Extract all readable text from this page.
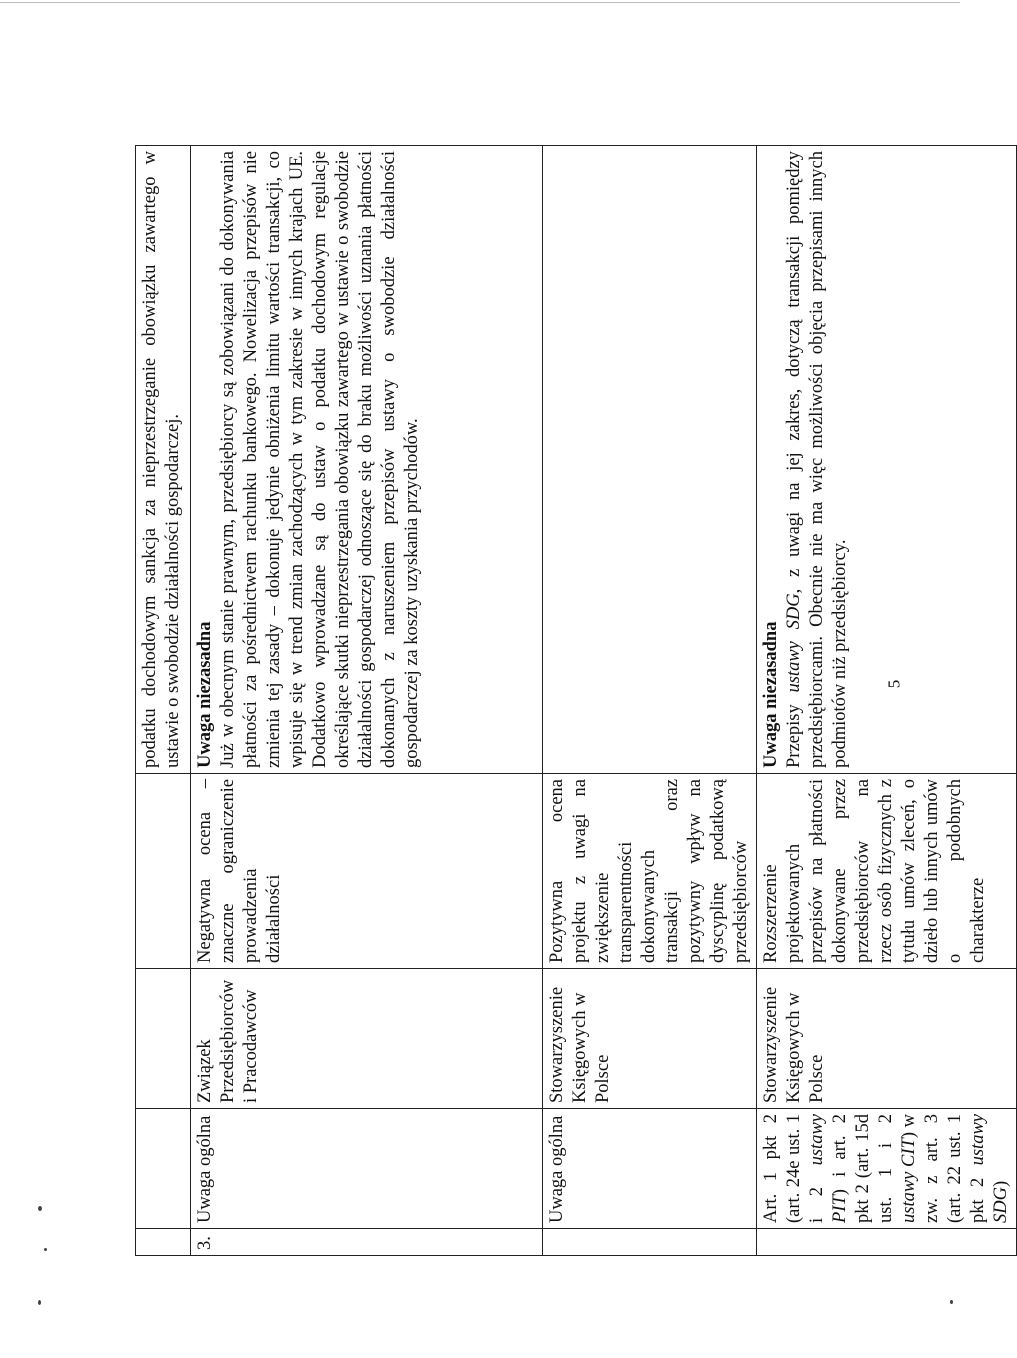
				podatku dochodowym sankcja za nieprzestrzeganie obowiązku zawartego w ustawie o swobodzie działalności gospodarczej.
3.	Uwaga ogólna	Związek Przedsiębiorców i Pracodawców	Negatywna ocena – znaczne ograniczenie prowadzenia działalności	Uwaga niezasadna Już w obecnym stanie prawnym, przedsiębiorcy są zobowiązani do dokonywania płatności za pośrednictwem rachunku bankowego. Nowelizacja przepisów nie zmienia tej zasady – dokonuje jedynie obniżenia limitu wartości transakcji, co wpisuje się w trend zmian zachodzących w tym zakresie w innych krajach UE. Dodatkowo wprowadzane są do ustaw o podatku dochodowym regulacje określające skutki nieprzestrzegania obowiązku zawartego w ustawie o swobodzie działalności gospodarczej odnoszące się do braku możliwości uznania płatności dokonanych z naruszeniem przepisów ustawy o swobodzie działalności gospodarczej za koszty uzyskania przychodów.

	Uwaga ogólna	Stowarzyszenie Księgowych w Polsce	Pozytywna ocena projektu z uwagi na zwiększenie transparentności dokonywanych transakcji oraz pozytywny wpływ na dyscyplinę podatkową przedsiębiorców	
	Art. 1 pkt 2 (art. 24e ust. 1 i 2 ustawy PIT) i art. 2 pkt 2 (art. 15d ust. 1 i 2 ustawy CIT) w zw. z art. 3 (art. 22 ust. 1 pkt 2 ustawy SDG)	Stowarzyszenie Księgowych w Polsce	Rozszerzenie projektowanych przepisów na płatności dokonywane przez przedsiębiorców na rzecz osób fizycznych z tytułu umów zleceń, o dzieło lub innych umów o podobnych charakterze	Uwaga niezasadna Przepisy ustawy SDG, z uwagi na jej zakres, dotyczą transakcji pomiędzy przedsiębiorcami. Obecnie nie ma więc możliwości objęcia przepisami innych podmiotów niż przedsiębiorcy. 5
